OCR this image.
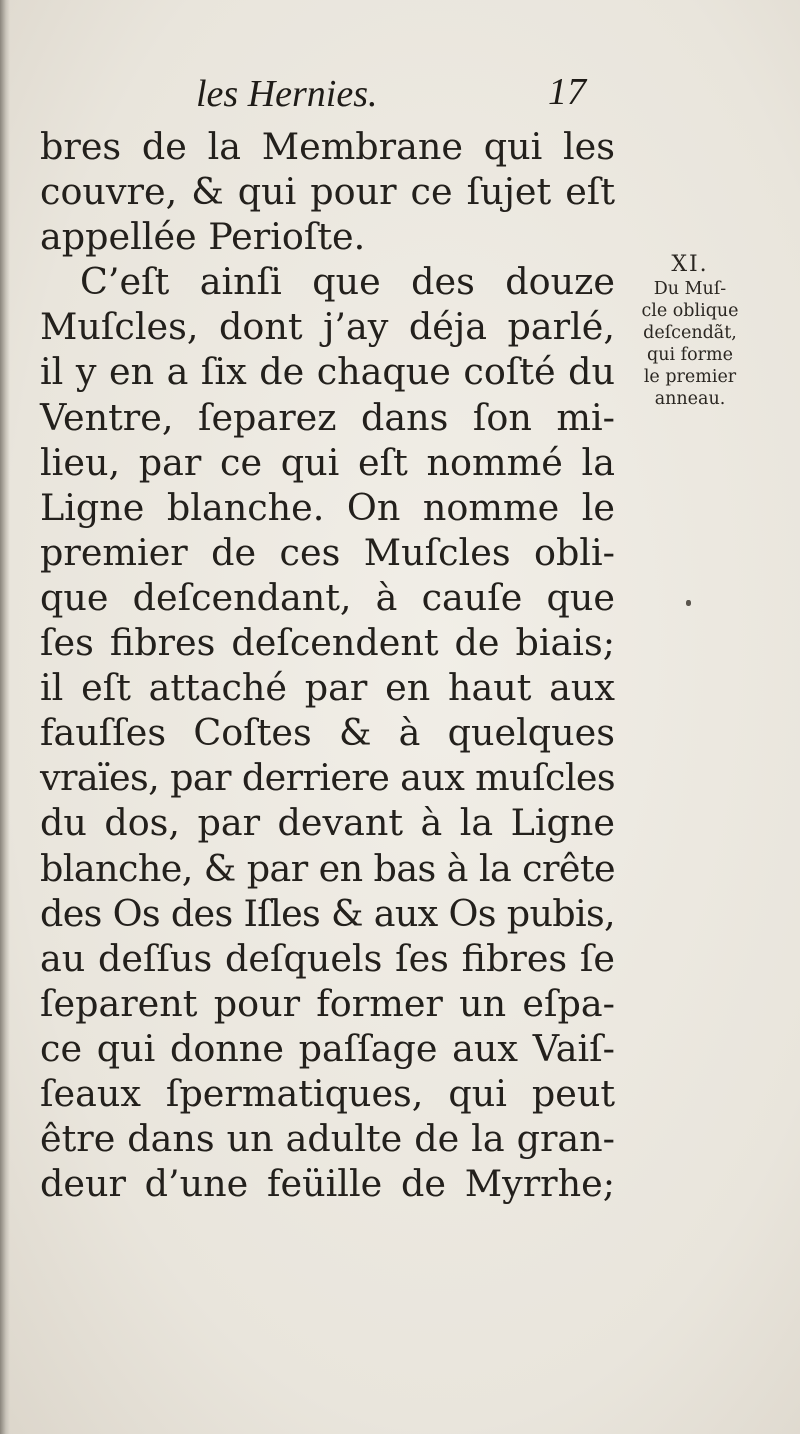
les Hernies.	17

bres de la Membrane qui les
couvre, & qui pour ce ſujet eſt
appellée Perioſte.
C’eſt ainſi que des douze
Muſcles, dont j’ay déja parlé,
il y en a ſix de chaque coſté du
Ventre, ſeparez dans ſon mi-
lieu, par ce qui eſt nommé la
Ligne blanche. On nomme le
premier de ces Muſcles obli-
que deſcendant, à cauſe que
ſes fibres deſcendent de biais;
il eſt attaché par en haut aux
fauſſes Coſtes & à quelques
vraïes, par derriere aux muſcles
du dos, par devant à la Ligne
blanche, & par en bas à la crête
des Os des Iſles & aux Os pubis,
au deſſus deſquels ſes fibres ſe
ſeparent pour former un eſpa-
ce qui donne paſſage aux Vaiſ-
ſeaux ſpermatiques, qui peut
être dans un adulte de la gran-
deur d’une feüille de Myrrhe;
XI.
Du Muſ-
cle oblique
deſcendãt,
qui forme
le premier
anneau.
